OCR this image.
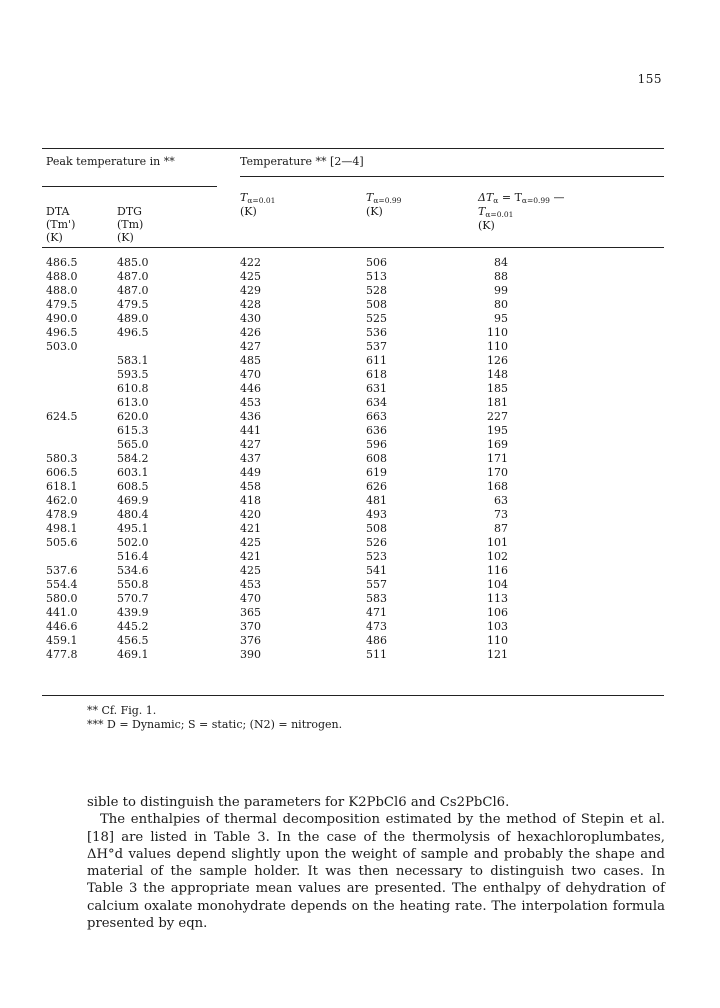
155
Peak temperature in **	Temperature ** [2—4]
DTA
(Tm')
(K)
DTG
(Tm)
(K)
Tα=0.01
(K)
Tα=0.99
(K)
ΔTα = Tα=0.99 —
Tα=0.01
(K)
486.5
488.0
488.0
479.5
490.0
496.5
503.0
624.5
580.3
606.5
618.1
462.0
478.9
498.1
505.6
537.6
554.4
580.0
441.0
446.6
459.1
477.8
485.0
487.0
487.0
479.5
489.0
496.5
583.1
593.5
610.8
613.0
620.0
615.3
565.0
584.2
603.1
608.5
469.9
480.4
495.1
502.0
516.4
534.6
550.8
570.7
439.9
445.2
456.5
469.1
422
425
429
428
430
426
427
485
470
446
453
436
441
427
437
449
458
418
420
421
425
421
425
453
470
365
370
376
390
506
513
528
508
525
536
537
611
618
631
634
663
636
596
608
619
626
481
493
508
526
523
541
557
583
471
473
486
511
84
88
99
80
95
110
110
126
148
185
181
227
195
169
171
170
168
63
73
87
101
102
116
104
113
106
103
110
121
** Cf. Fig. 1.
*** D = Dynamic; S = static; (N2) = nitrogen.

sible to distinguish the parameters for K2PbCl6 and Cs2PbCl6.

The enthalpies of thermal decomposition estimated by the method of Stepin et al. [18] are listed in Table 3. In the case of the thermolysis of hexachloroplumbates, ΔH°d values depend slightly upon the weight of sample and probably the shape and material of the sample holder. It was then necessary to distinguish two cases. In Table 3 the appropriate mean values are presented. The enthalpy of dehydration of calcium oxalate monohydrate depends on the heating rate. The interpolation formula presented by eqn.
